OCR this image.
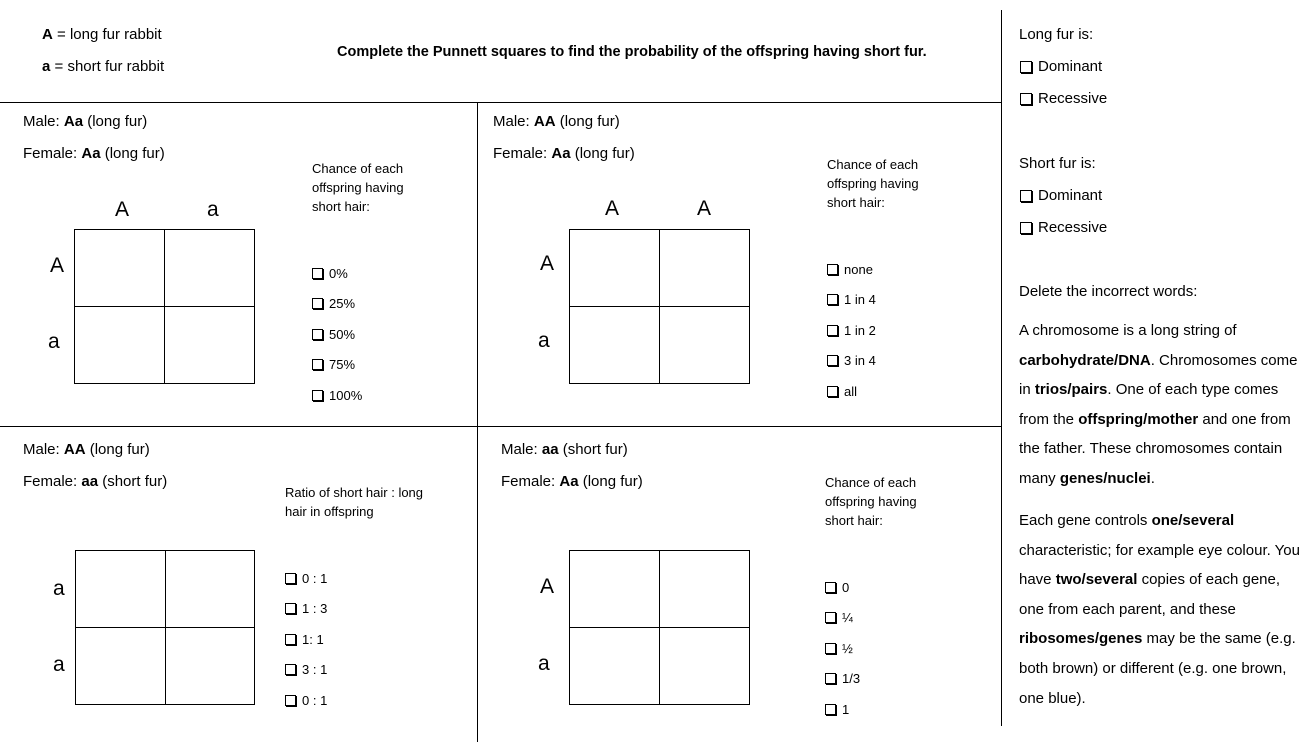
A = long fur rabbit
a = short fur rabbit
Complete the Punnett squares to find the probability of the offspring having short fur.
Male: Aa (long fur)
Female: Aa (long fur)
A	a
A
a
Chance of each
offspring having
short hair:
0%
25%
50%
75%
100%
Male: AA (long fur)
Female: Aa (long fur)
A	A
A
a
Chance of each
offspring having
short hair:
none
1 in 4
1 in 2
3 in 4
all
Male: AA (long fur)
Female: aa (short fur)
a
a
Ratio of short hair : long
hair in offspring
0 : 1
1 : 3
1: 1
3 : 1
0 : 1
Male: aa (short fur)
Female: Aa (long fur)
A
a
Chance of each
offspring having
short hair:
0
¼
½
1/3
1
Long fur is:
Dominant
Recessive
Short fur is:
Dominant
Recessive
Delete the incorrect words:
A chromosome is a long string of carbohydrate/DNA. Chromosomes come in trios/pairs. One of each type comes from the offspring/mother and one from the father. These chromosomes contain many genes/nuclei.
Each gene controls one/several characteristic; for example eye colour. You have two/several copies of each gene, one from each parent, and these ribosomes/genes may be the same (e.g. both brown) or different (e.g. one brown, one blue).
